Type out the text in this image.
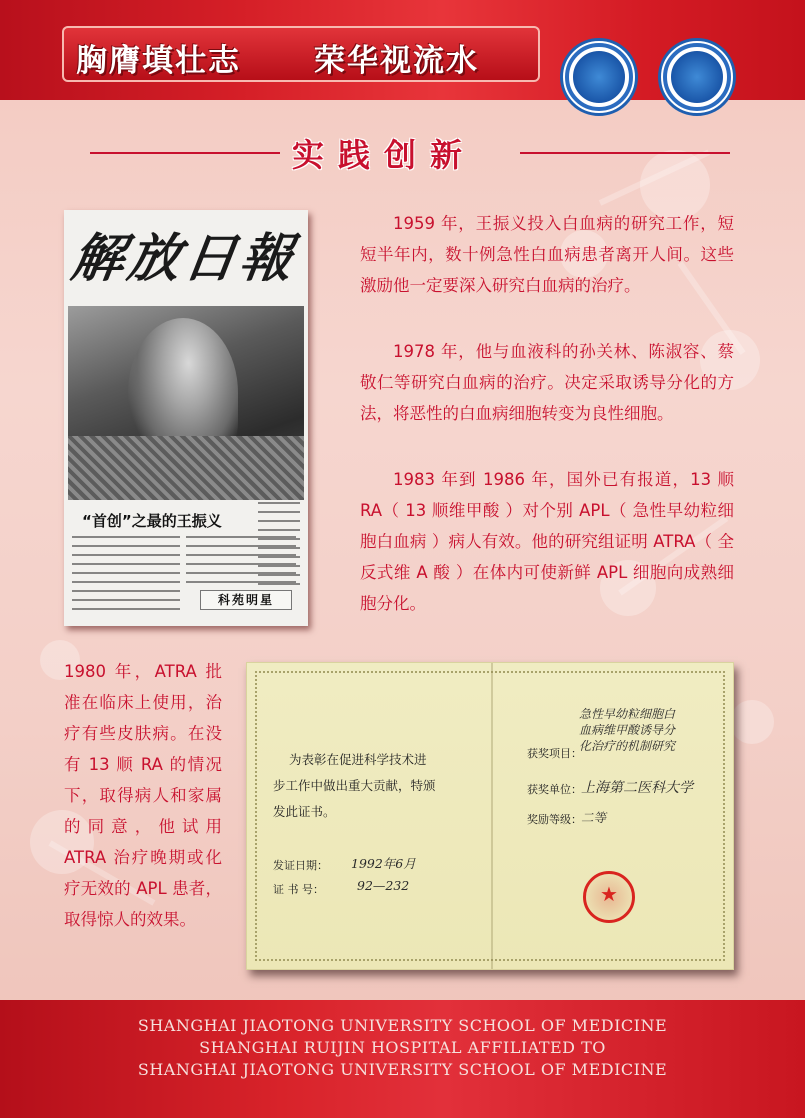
胸膺填壮志 荣华视流水
实践创新
解放日報
“首创”之最的王振义
科苑明星

1959 年，王振义投入白血病的研究工作，短短半年内，数十例急性白血病患者离开人间。这些激励他一定要深入研究白血病的治疗。

1978 年，他与血液科的孙关林、陈淑容、蔡敬仁等研究白血病的治疗。决定采取诱导分化的方法，将恶性的白血病细胞转变为良性细胞。

1983 年到 1986 年，国外已有报道，13 顺 RA（ 13 顺维甲酸 ）对个别 APL（ 急性早幼粒细胞白血病 ）病人有效。他的研究组证明 ATRA（ 全反式维 A 酸 ）在体内可使新鲜 APL 细胞向成熟细胞分化。

1980 年，ATRA 批准在临床上使用，治疗有些皮肤病。在没有 13 顺 RA 的情况下，取得病人和家属的同意，他试用 ATRA 治疗晚期或化疗无效的 APL 患者，取得惊人的效果。

为表彰在促进科学技术进
步工作中做出重大贡献，特颁
发此证书。
发证日期： 1992年6月
证 书 号：	92—232
获奖项目：
急性早幼粒细胞白
血病维甲酸诱导分
化治疗的机制研究
获奖单位： 上海第二医科大学
奖励等级： 二等
★
SHANGHAI JIAOTONG UNIVERSITY SCHOOL OF MEDICINE
SHANGHAI RUIJIN HOSPITAL AFFILIATED TO
SHANGHAI JIAOTONG UNIVERSITY SCHOOL OF MEDICINE
